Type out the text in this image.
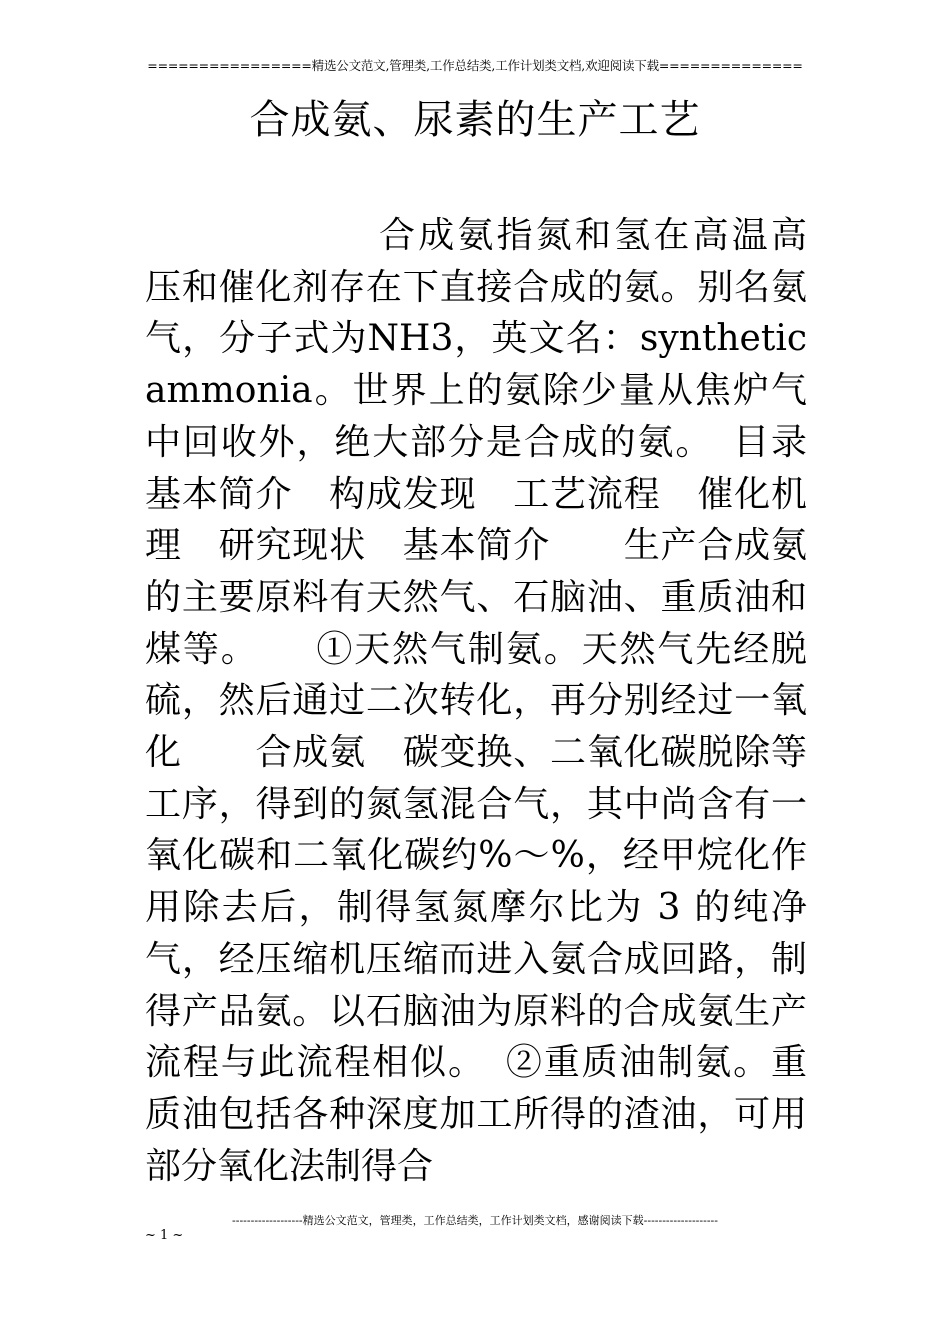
================精选公文范文,管理类,工作总结类,工作计划类文档,欢迎阅读下载==============
合成氨、尿素的生产工艺

合成氨指氮和氢在高温高压和催化剂存在下直接合成的氨。别名氨气，分子式为NH3，英文名：synthetic ammonia。世界上的氨除少量从焦炉气中回收外，绝大部分是合成的氨。　目录基本简介　构成发现　工艺流程　催化机理　研究现状　基本简介　　生产合成氨的主要原料有天然气、石脑油、重质油和煤等。　　①天然气制氨。天然气先经脱硫，然后通过二次转化，再分别经过一氧化　　合成氨　碳变换、二氧化碳脱除等工序，得到的氮氢混合气，其中尚含有一氧化碳和二氧化碳约%～%，经甲烷化作用除去后，制得氢氮摩尔比为 3 的纯净气，经压缩机压缩而进入氨合成回路，制得产品氨。以石脑油为原料的合成氨生产流程与此流程相似。　②重质油制氨。重质油包括各种深度加工所得的渣油，可用部分氧化法制得合

-------------------精选公文范文，管理类，工作总结类，工作计划类文档，感谢阅读下载--------------------
~ 1 ~
